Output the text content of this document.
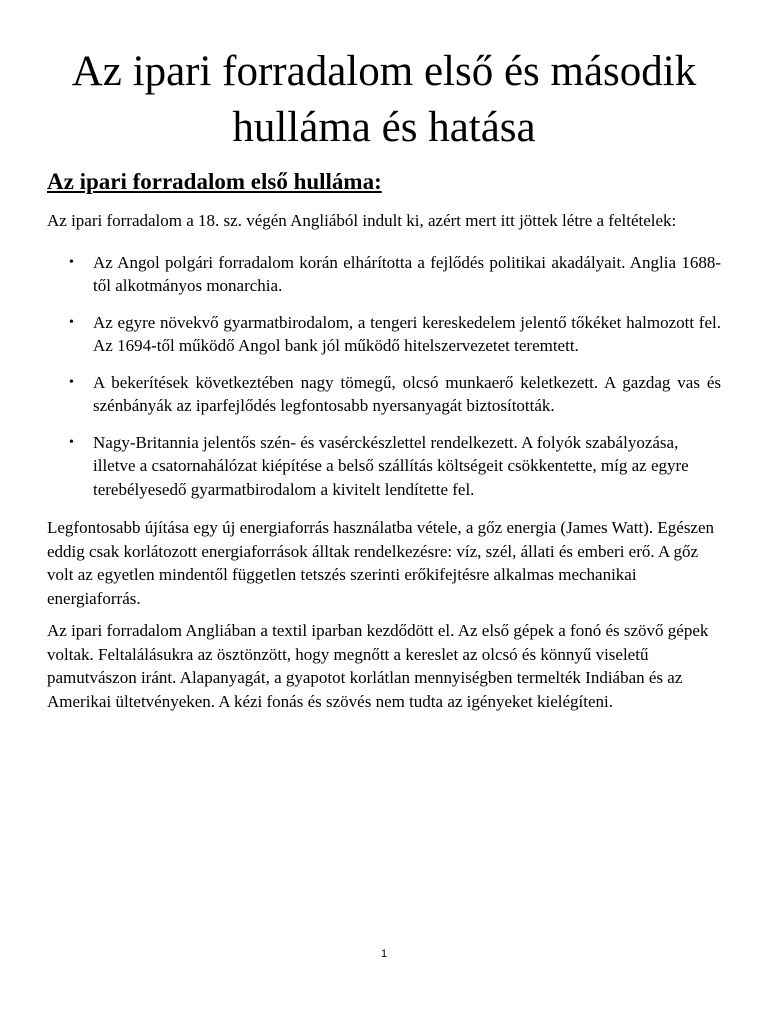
Az ipari forradalom első és második hulláma és hatása
Az ipari forradalom első hulláma:

Az ipari forradalom a 18. sz. végén Angliából indult ki, azért mert itt jöttek létre a feltételek:

• Az Angol polgári forradalom korán elhárította a fejlődés politikai akadályait. Anglia 1688-től alkotmányos monarchia.
• Az egyre növekvő gyarmatbirodalom, a tengeri kereskedelem jelentő tőkéket halmozott fel. Az 1694-től működő Angol bank jól működő hitelszervezetet teremtett.
• A bekerítések következtében nagy tömegű, olcsó munkaerő keletkezett. A gazdag vas és szénbányák az iparfejlődés legfontosabb nyersanyagát biztosították.
• Nagy-Britannia jelentős szén- és vasérckészlettel rendelkezett. A folyók szabályozása, illetve a csatornahálózat kiépítése a belső szállítás költségeit csökkentette, míg az egyre terebélyesedő gyarmatbirodalom a kivitelt lendítette fel.

Legfontosabb újítása egy új energiaforrás használatba vétele, a gőz energia (James Watt). Egészen eddig csak korlátozott energiaforrások álltak rendelkezésre: víz, szél, állati és emberi erő. A gőz volt az egyetlen mindentől független tetszés szerinti erőkifejtésre alkalmas mechanikai energiaforrás.

Az ipari forradalom Angliában a textil iparban kezdődött el. Az első gépek a fonó és szövő gépek voltak. Feltalálásukra az ösztönzött, hogy megnőtt a kereslet az olcsó és könnyű viseletű pamutvászon iránt. Alapanyagát, a gyapotot korlátlan mennyiségben termelték Indiában és az Amerikai ültetvényeken. A kézi fonás és szövés nem tudta az igényeket kielégíteni.

1
